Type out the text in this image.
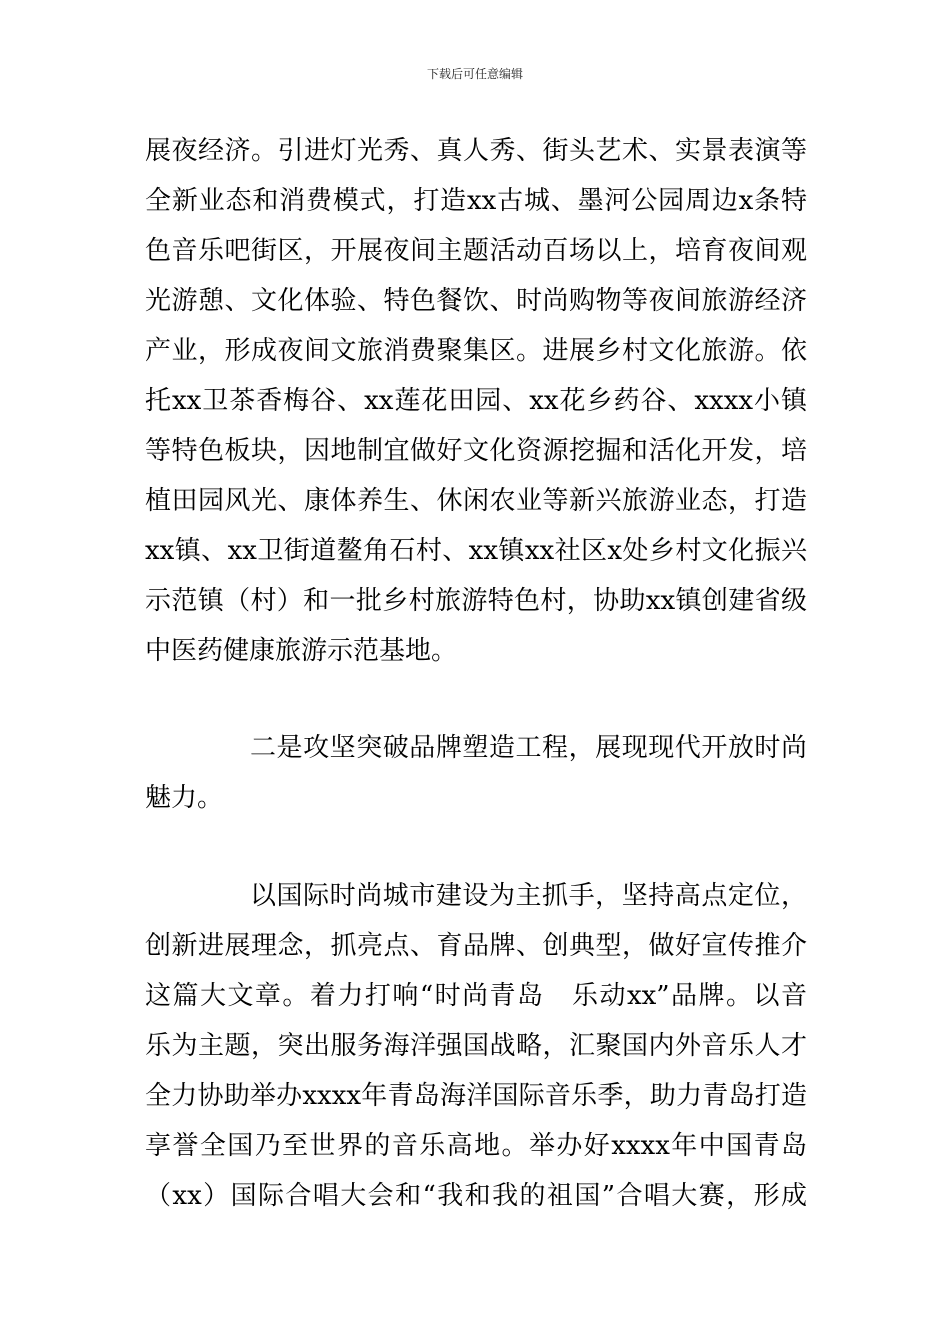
下载后可任意编辑
展夜经济。引进灯光秀、真人秀、街头艺术、实景表演等
全新业态和消费模式，打造xx古城、墨河公园周边x条特
色音乐吧街区，开展夜间主题活动百场以上，培育夜间观
光游憩、文化体验、特色餐饮、时尚购物等夜间旅游经济
产业，形成夜间文旅消费聚集区。进展乡村文化旅游。依
托xx卫茶香梅谷、xx莲花田园、xx花乡药谷、xxxx小镇
等特色板块，因地制宜做好文化资源挖掘和活化开发，培
植田园风光、康体养生、休闲农业等新兴旅游业态，打造
xx镇、xx卫街道鳌角石村、xx镇xx社区x处乡村文化振兴
示范镇（村）和一批乡村旅游特色村，协助xx镇创建省级
中医药健康旅游示范基地。
二是攻坚突破品牌塑造工程，展现现代开放时尚
魅力。
以国际时尚城市建设为主抓手，坚持高点定位，
创新进展理念，抓亮点、育品牌、创典型，做好宣传推介
这篇大文章。着力打响“时尚青岛　乐动xx”品牌。以音
乐为主题，突出服务海洋强国战略，汇聚国内外音乐人才
全力协助举办xxxx年青岛海洋国际音乐季，助力青岛打造
享誉全国乃至世界的音乐高地。举办好xxxx年中国青岛
（xx）国际合唱大会和“我和我的祖国”合唱大赛，形成
